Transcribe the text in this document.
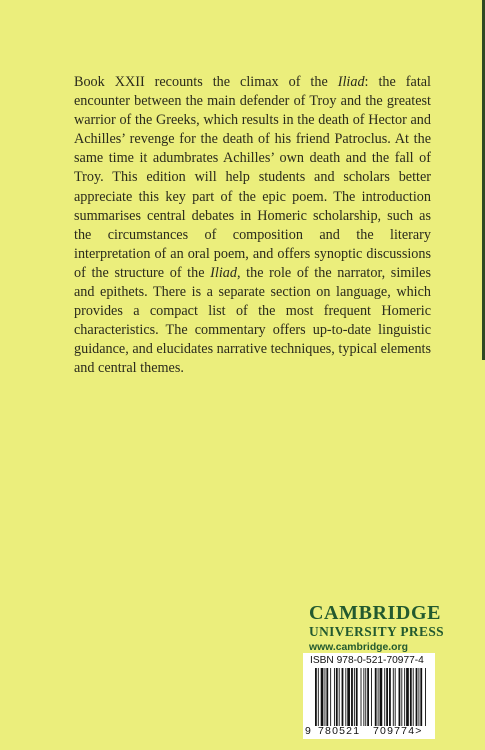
Book XXII recounts the climax of the Iliad: the fatal encounter between the main defender of Troy and the greatest warrior of the Greeks, which results in the death of Hector and Achilles’ revenge for the death of his friend Patroclus. At the same time it adumbrates Achilles’ own death and the fall of Troy. This edition will help students and scholars better appreciate this key part of the epic poem. The introduction summarises central debates in Homeric scholarship, such as the circumstances of composition and the literary interpretation of an oral poem, and offers synoptic discussions of the structure of the Iliad, the role of the narrator, similes and epithets. There is a separate section on language, which provides a compact list of the most frequent Homeric characteristics. The commentary offers up-to-date linguistic guidance, and elucidates narrative techniques, typical elements and central themes.

CAMBRIDGE
UNIVERSITY PRESS
www.cambridge.org
ISBN 978-0-521-70977-4
9 780521 709774>
